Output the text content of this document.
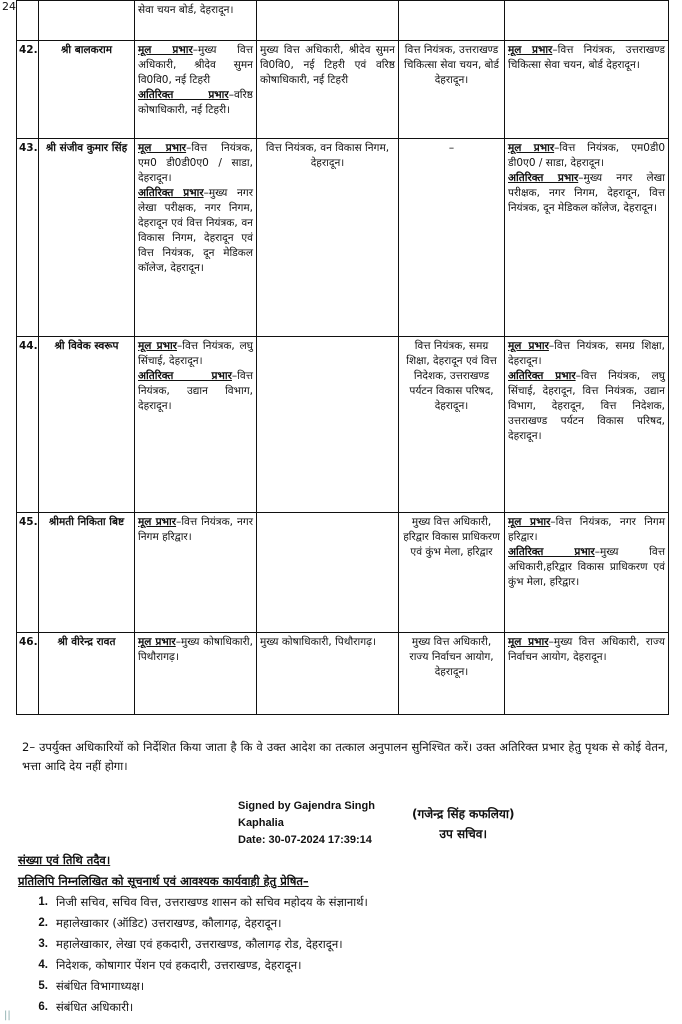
24
			सेवा चयन बोर्ड, देहरादून।			
42.	श्री बालकराम	मूल प्रभार–मुख्य वित्त अधिकारी, श्रीदेव सुमन वि0वि0, नई टिहरी
अतिरिक्त प्रभार–वरिष्ठ कोषाधिकारी, नई टिहरी।	मुख्य वित्त अधिकारी, श्रीदेव सुमन वि0वि0, नई टिहरी एवं वरिष्ठ कोषाधिकारी, नई टिहरी	वित्त नियंत्रक, उत्तराखण्ड चिकित्सा सेवा चयन, बोर्ड देहरादून।	मूल प्रभार–वित्त नियंत्रक, उत्तराखण्ड चिकित्सा सेवा चयन, बोर्ड देहरादून।
43.	श्री संजीव कुमार सिंह	मूल प्रभार–वित्त नियंत्रक, एम0 डी0डी0ए0 / साडा, देहरादून।
अतिरिक्त प्रभार–मुख्य नगर लेखा परीक्षक, नगर निगम, देहरादून एवं वित्त नियंत्रक, वन विकास निगम, देहरादून एवं वित्त नियंत्रक, दून मेडिकल कॉलेज, देहरादून।	वित्त नियंत्रक, वन विकास निगम, देहरादून।	–	मूल प्रभार–वित्त नियंत्रक, एम0डी0 डी0ए0 / साडा, देहरादून।
अतिरिक्त प्रभार–मुख्य नगर लेखा परीक्षक, नगर निगम, देहरादून, वित्त नियंत्रक, दून मेडिकल कॉलेज, देहरादून।
44.	श्री विवेक स्वरूप	मूल प्रभार–वित्त नियंत्रक, लघु सिंचाई, देहरादून।
अतिरिक्त प्रभार–वित्त नियंत्रक, उद्यान विभाग, देहरादून।		वित्त नियंत्रक, समग्र शिक्षा, देहरादून एवं वित्त निदेशक, उत्तराखण्ड पर्यटन विकास परिषद, देहरादून।	मूल प्रभार–वित्त नियंत्रक, समग्र शिक्षा, देहरादून।
अतिरिक्त प्रभार–वित्त नियंत्रक, लघु सिंचाई, देहरादून, वित्त नियंत्रक, उद्यान विभाग, देहरादून, वित्त निदेशक, उत्तराखण्ड पर्यटन विकास परिषद, देहरादून।
45.	श्रीमती निकिता बिष्ट	मूल प्रभार–वित्त नियंत्रक, नगर निगम हरिद्वार।		मुख्य वित्त अधिकारी, हरिद्वार विकास प्राधिकरण एवं कुंभ मेला, हरिद्वार	मूल प्रभार–वित्त नियंत्रक, नगर निगम हरिद्वार।
अतिरिक्त प्रभार–मुख्य वित्त अधिकारी,हरिद्वार विकास प्राधिकरण एवं कुंभ मेला, हरिद्वार।
46.	श्री वीरेन्द्र रावत	मूल प्रभार–मुख्य कोषाधिकारी, पिथौरागढ़।	मुख्य कोषाधिकारी, पिथौरागढ़।	मुख्य वित्त अधिकारी, राज्य निर्वाचन आयोग, देहरादून।	मूल प्रभार–मुख्य वित्त अधिकारी, राज्य निर्वाचन आयोग, देहरादून।
2– उपर्युक्त अधिकारियों को निर्देशित किया जाता है कि वे उक्त आदेश का तत्काल अनुपालन सुनिश्चित करें। उक्त अतिरिक्त प्रभार हेतु पृथक से कोई वेतन, भत्ता आदि देय नहीं होगा।
Signed by Gajendra Singh
Kaphalia
Date: 30-07-2024 17:39:14
(गजेन्द्र सिंह कफलिया)
उप सचिव।
संख्या एवं तिथि तदैव।
प्रतिलिपि निम्नलिखित को सूचनार्थ एवं आवश्यक कार्यवाही हेतु प्रेषित–
1. निजी सचिव, सचिव वित्त, उत्तराखण्ड शासन को सचिव महोदय के संज्ञानार्थ।
2. महालेखाकार (ऑडिट) उत्तराखण्ड, कौलागढ़, देहरादून।
3. महालेखाकार, लेखा एवं हकदारी, उत्तराखण्ड, कौलागढ़ रोड, देहरादून।
4. निदेशक, कोषागार पेंशन एवं हकदारी, उत्तराखण्ड, देहरादून।
5. संबंधित विभागाध्यक्ष।
6. संबंधित अधिकारी।
||
